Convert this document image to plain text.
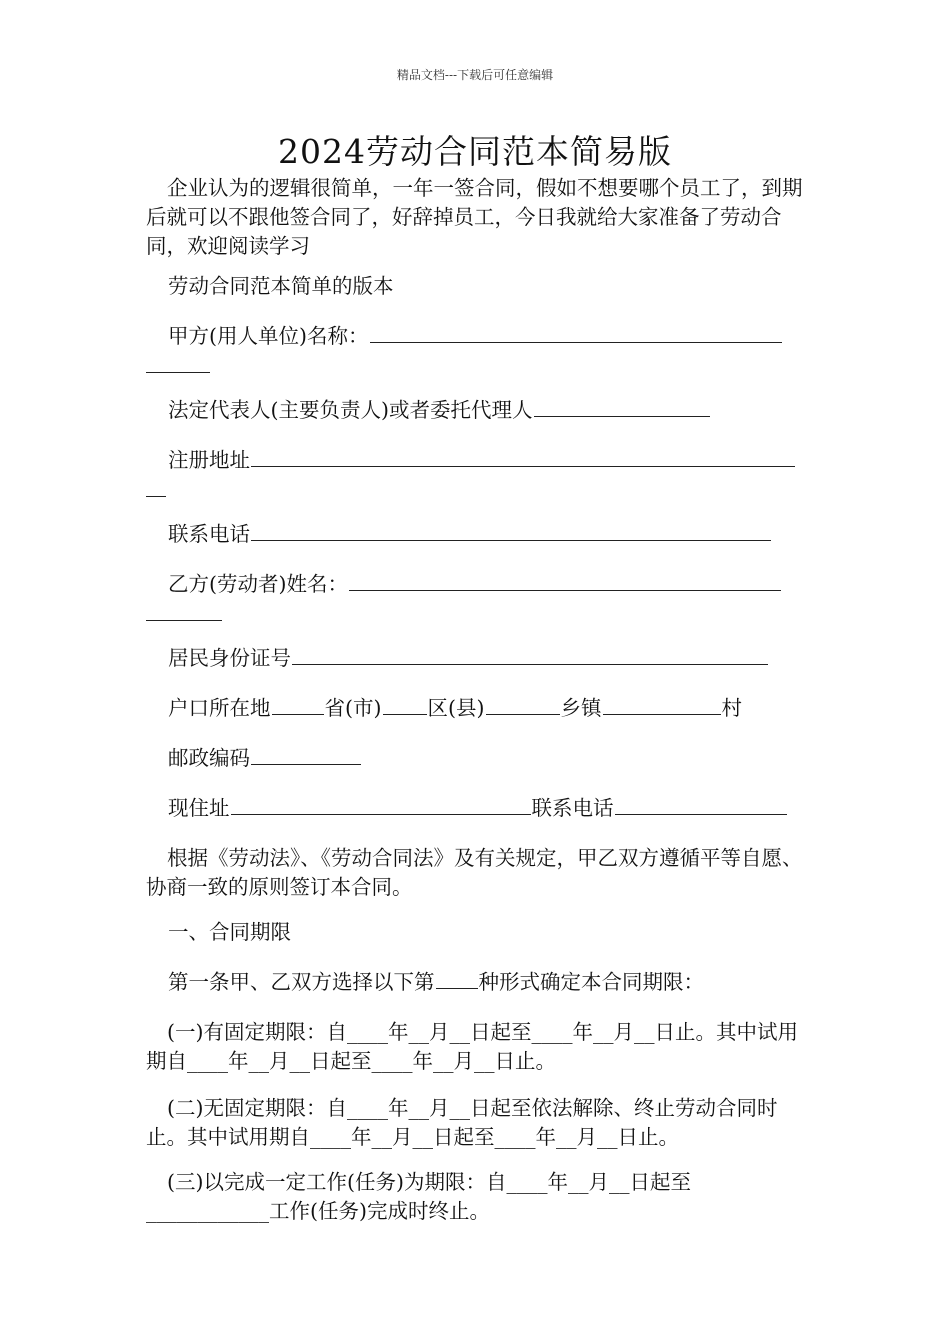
精品文档---下载后可任意编辑
2024劳动合同范本简易版

企业认为的逻辑很简单，一年一签合同，假如不想要哪个员工了，到期后就可以不跟他签合同了，好辞掉员工，今日我就给大家准备了劳动合同，欢迎阅读学习

劳动合同范本简单的版本
甲方(用人单位)名称：
法定代表人(主要负责人)或者委托代理人
注册地址
联系电话
乙方(劳动者)姓名：
居民身份证号
户口所在地	省(市) 区(县)	乡镇	村
邮政编码
现住址	联系电话

根据《劳动法》、《劳动合同法》及有关规定，甲乙双方遵循平等自愿、协商一致的原则签订本合同。

一、合同期限
第一条甲、乙双方选择以下第 种形式确定本合同期限：

(一)有固定期限：自____年__月__日起至____年__月__日止。其中试用期自____年__月__日起至____年__月__日止。

(二)无固定期限：自____年__月__日起至依法解除、终止劳动合同时止。其中试用期自____年__月__日起至____年__月__日止。

(三)以完成一定工作(任务)为期限：自____年__月__日起至____________工作(任务)完成时终止。
